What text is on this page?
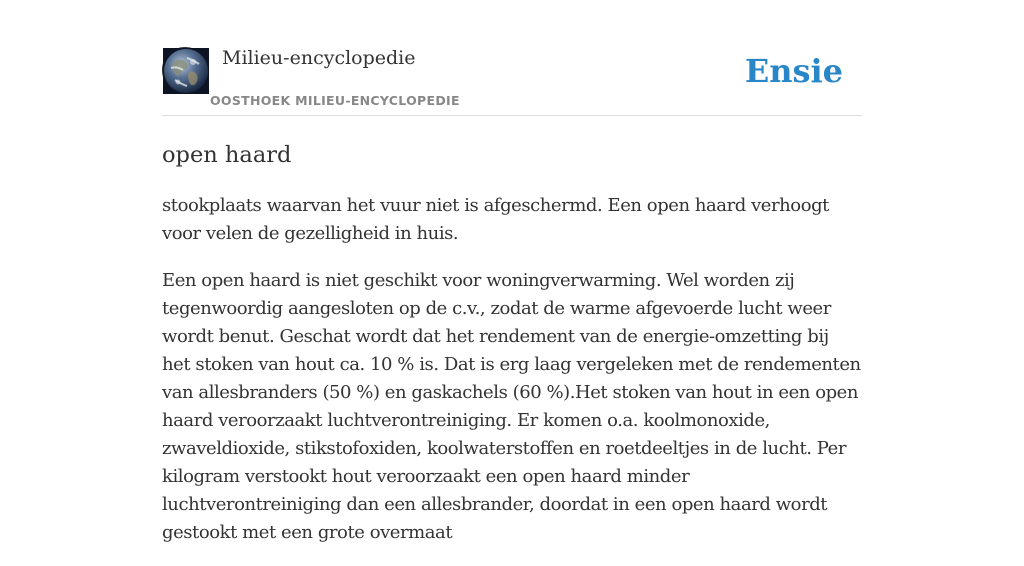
Milieu-encyclopedie
OOSTHOEK MILIEU-ENCYCLOPEDIE
Ensie
open haard

stookplaats waarvan het vuur niet is afgeschermd. Een open haard verhoogt voor velen de gezelligheid in huis.

Een open haard is niet geschikt voor woningverwarming. Wel worden zij tegenwoordig aangesloten op de c.v., zodat de warme afgevoerde lucht weer wordt benut. Geschat wordt dat het rendement van de energie-omzetting bij het stoken van hout ca. 10 % is. Dat is erg laag vergeleken met de rendementen van allesbranders (50 %) en gaskachels (60 %).Het stoken van hout in een open haard veroorzaakt luchtverontreiniging. Er komen o.a. koolmonoxide, zwaveldioxide, stikstofoxiden, koolwaterstoffen en roetdeeltjes in de lucht. Per kilogram verstookt hout veroorzaakt een open haard minder luchtverontreiniging dan een allesbrander, doordat in een open haard wordt gestookt met een grote overmaat
